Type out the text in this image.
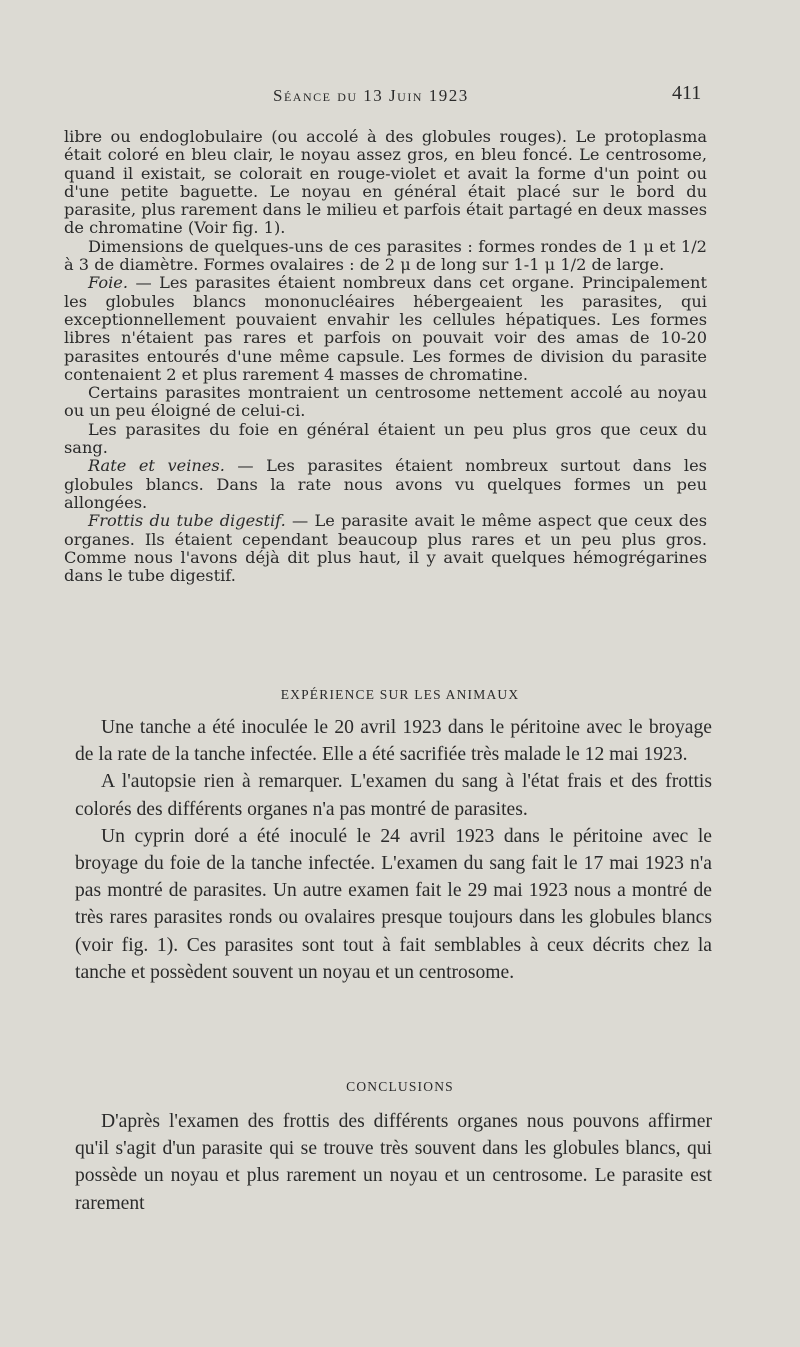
Séance du 13 Juin 1923	411

libre ou endoglobulaire (ou accolé à des globules rouges). Le protoplasma était coloré en bleu clair, le noyau assez gros, en bleu foncé. Le centrosome, quand il existait, se colorait en rouge-violet et avait la forme d'un point ou d'une petite baguette. Le noyau en général était placé sur le bord du parasite, plus rarement dans le milieu et parfois était partagé en deux masses de chromatine (Voir fig. 1).

Dimensions de quelques-uns de ces parasites : formes rondes de 1 μ et 1/2 à 3 de diamètre. Formes ovalaires : de 2 μ de long sur 1-1 μ 1/2 de large.

Foie. — Les parasites étaient nombreux dans cet organe. Principalement les globules blancs mononucléaires hébergeaient les parasites, qui exceptionnellement pouvaient envahir les cellules hépatiques. Les formes libres n'étaient pas rares et parfois on pouvait voir des amas de 10-20 parasites entourés d'une même capsule. Les formes de division du parasite contenaient 2 et plus rarement 4 masses de chromatine.

Certains parasites montraient un centrosome nettement accolé au noyau ou un peu éloigné de celui-ci.

Les parasites du foie en général étaient un peu plus gros que ceux du sang.

Rate et veines. — Les parasites étaient nombreux surtout dans les globules blancs. Dans la rate nous avons vu quelques formes un peu allongées.

Frottis du tube digestif. — Le parasite avait le même aspect que ceux des organes. Ils étaient cependant beaucoup plus rares et un peu plus gros. Comme nous l'avons déjà dit plus haut, il y avait quelques hémogrégarines dans le tube digestif.

EXPÉRIENCE SUR LES ANIMAUX

Une tanche a été inoculée le 20 avril 1923 dans le péritoine avec le broyage de la rate de la tanche infectée. Elle a été sacrifiée très malade le 12 mai 1923.

A l'autopsie rien à remarquer. L'examen du sang à l'état frais et des frottis colorés des différents organes n'a pas montré de parasites.

Un cyprin doré a été inoculé le 24 avril 1923 dans le péritoine avec le broyage du foie de la tanche infectée. L'examen du sang fait le 17 mai 1923 n'a pas montré de parasites. Un autre examen fait le 29 mai 1923 nous a montré de très rares parasites ronds ou ovalaires presque toujours dans les globules blancs (voir fig. 1). Ces parasites sont tout à fait semblables à ceux décrits chez la tanche et possèdent souvent un noyau et un centrosome.

CONCLUSIONS

D'après l'examen des frottis des différents organes nous pouvons affirmer qu'il s'agit d'un parasite qui se trouve très souvent dans les globules blancs, qui possède un noyau et plus rarement un noyau et un centrosome. Le parasite est rarement
